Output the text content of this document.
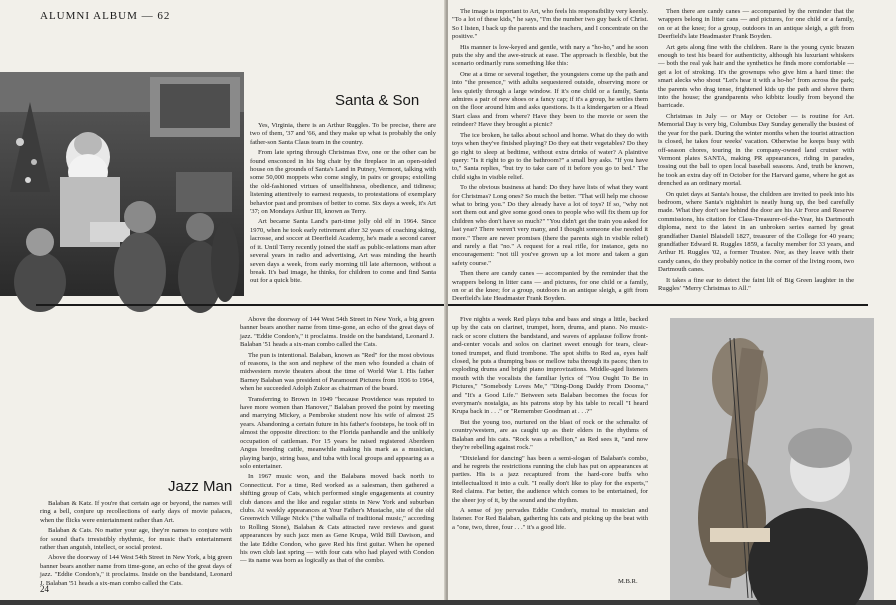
ALUMNI ALBUM — 62
Santa & Son

Yes, Virginia, there is an Arthur Ruggles. To be precise, there are two of them, '37 and '66, and they make up what is probably the only father-son Santa Claus team in the country.

From late spring through Christmas Eve, one or the other can be found ensconced in his big chair by the fireplace in an open-sided house on the grounds of Santa's Land in Putney, Vermont, talking with some 50,000 moppets who come singly, in pairs or groups; extolling the old-fashioned virtues of unselfishness, obedience, and tidiness; listening attentively to earnest requests, to protestations of exemplary behavior past and promises of better to come. Six days a week, it's Art '37; on Mondays Arthur III, known as Terry.

Art became Santa Land's part-time jolly old elf in 1964. Since 1970, when he took early retirement after 32 years of coaching skiing, lacrosse, and soccer at Deerfield Academy, he's made a second career of it. Until Terry recently joined the staff as public-relations man after several years in radio and advertising, Art was minding the hearth seven days a week, from early morning till late afternoon, without a break. It's bad image, he thinks, for children to come and find Santa out for a quick bite.

Jazz Man

Balaban & Katz. If you're that certain age or beyond, the names will ring a bell, conjure up recollections of early days of movie palaces, when the flicks were entertainment rather than Art.

Balaban & Cats. No matter your age, they're names to conjure with for sound that's irresistibly rhythmic, for music that's entertainment rather than anguish, intellect, or social protest.

Above the doorway of 144 West 54th Street in New York, a big green banner bears another name from time-gone, an echo of the great days of jazz. "Eddie Condon's," it proclaims. Inside on the bandstand, Leonard J. Balaban '51 heads a six-man combo called the Cats.

Above the doorway of 144 West 54th Street in New York, a big green banner bears another name from time-gone, an echo of the great days of jazz. "Eddie Condon's," it proclaims. Inside on the bandstand, Leonard J. Balaban '51 heads a six-man combo called the Cats.

The pun is intentional. Balaban, known as "Red" for the most obvious of reasons, is the son and nephew of the men who founded a chain of midwestern movie theaters about the time of World War I. His father Barney Balaban was president of Paramount Pictures from 1936 to 1964, when he succeeded Adolph Zukor as chairman of the board.

Transferring to Brown in 1949 "because Providence was reputed to have more women than Hanover," Balaban proved the point by meeting and marrying Mickey, a Pembroke student now his wife of almost 25 years. Abandoning a certain future in his father's footsteps, he took off in almost the opposite direction: to the Florida panhandle and the unlikely occupation of cattleman. For 15 years he raised registered Aberdeen Angus breeding cattle, meanwhile making his mark as a musician, playing banjo, string bass, and tuba with local groups and appearing as a solo entertainer.

In 1967 music won, and the Balabans moved back north to Connecticut. For a time, Red worked as a salesman, then gathered a shifting group of Cats, which performed single engagements at country club dances and the like and regular stints in New York and suburban clubs. At weekly appearances at Your Father's Mustache, site of the old Greenwich Village Nick's ("the valhalla of traditional music," according to Rolling Stone), Balaban & Cats attracted rave reviews and guest appearances by such jazz men as Gene Krupa, Wild Bill Davison, and the late Eddie Condon, who gave Red his first guitar. When he opened his own club last spring — with four cats who had played with Condon — its name was born as logically as that of the combo.

24

The image is important to Art, who feels his responsibility very keenly. "To a lot of these kids," he says, "I'm the number two guy back of Christ. So I listen, I back up the parents and the teachers, and I concentrate on the positive."

His manner is low-keyed and gentle, with nary a "ho-ho," and he soon puts the shy and the awe-struck at ease. The approach is flexible, but the scenario ordinarily runs something like this:

One at a time or several together, the youngsters come up the path and into "the presence," with adults sequestered outside, observing more or less quietly through a large window. If it's one child or a family, Santa admires a pair of new shoes or a fancy cap; if it's a group, he settles them on the floor around him and asks questions. Is it a kindergarten or a Head Start class and from where? Have they been to the movie or seen the reindeer? Have they brought a picnic?

The ice broken, he talks about school and home. What do they do with toys when they've finished playing? Do they eat their vegetables? Do they go right to sleep at bedtime, without extra drinks of water? A plaintive query: "Is it right to go to the bathroom?" a small boy asks. "If you have to," Santa replies, "but try to take care of it before you go to bed." The child sighs in visible relief.

To the obvious business at hand: Do they have lists of what they want for Christmas? Long ones? So much the better. "That will help me choose what to bring you." Do they already have a lot of toys? If so, "why not sort them out and give some good ones to people who will fix them up for children who don't have so much?" "You didn't get the train you asked for last year? There weren't very many, and I thought someone else needed it more." There are never promises (there the parents sigh in visible relief) and rarely a flat "no." A request for a real rifle, for instance, gets no encouragement: "not till you've grown up a lot more and taken a gun safety course."

Then there are candy canes — accompanied by the reminder that the wrappers belong in litter cans — and pictures, for one child or a family, on or at the knee; for a group, outdoors in an antique sleigh, a gift from Deerfield's late Headmaster Frank Boyden.

Then there are candy canes — accompanied by the reminder that the wrappers belong in litter cans — and pictures, for one child or a family, on or at the knee; for a group, outdoors in an antique sleigh, a gift from Deerfield's late Headmaster Frank Boyden.

Art gets along fine with the children. Rare is the young cynic brazen enough to test his beard for authenticity, although his luxuriant whiskers — both the real yak hair and the synthetics he finds more comfortable — get a lot of stroking. It's the grownups who give him a hard time: the smart alecks who shout "Let's hear it with a ho-ho" from across the park; the parents who drag tense, frightened kids up the path and shove them into the house; the grandparents who kibbitz loudly from beyond the barricade.

Christmas in July — or May or October — is routine for Art. Memorial Day is very big, Columbus Day Sunday generally the busiest of the year for the park. During the winter months when the tourist attraction is closed, he takes four weeks' vacation. Otherwise he keeps busy with off-season chores, touring in the company-owned land cruiser with Vermont plates SANTA, making PR appearances, riding in parades, tossing out the ball to open local baseball seasons. And, truth be known, he took an extra day off in October for the Harvard game, where he got as drenched as an ordinary mortal.

On quiet days at Santa's house, the children are invited to peek into his bedroom, where Santa's nightshirt is neatly hung up, the bed carefully made. What they don't see behind the door are his Air Force and Reserve commissions, his citation for Class-Treasurer-of-the-Year, his Dartmouth diploma, next to the latest in an unbroken series earned by great grandfather Daniel Blaisdell 1827, treasurer of the College for 40 years; grandfather Edward R. Ruggles 1859, a faculty member for 33 years, and Arthur H. Ruggles '02, a former Trustee. Nor, as they leave with their candy canes, do they probably notice in the corner of the living room, two Dartmouth canes.

It takes a fine ear to detect the faint lilt of Big Green laughter in the Ruggles' "Merry Christmas to All."

Five nights a week Red plays tuba and bass and sings a little, backed up by the cats on clarinet, trumpet, horn, drums, and piano. No music-rack or score clutters the bandstand, and waves of applause follow front-and-center vocals and solos on clarinet sweet enough for tears, clear-toned trumpet, and fluid trombone. The spot shifts to Red as, eyes half closed, he puts a thumping bass or mellow tuba through its paces; then to exploding drums and bright piano improvizations. Middle-aged listeners mouth with the vocalists the familiar lyrics of "You Ought To Be in Pictures," "Somebody Loves Me," "Ding-Dong Daddy From Dooma," and "It's a Good Life." Between sets Balaban becomes the focus for everyman's nostalgia, as his patrons stop by his table to recall "I heard Krupa back in . . ." or "Remember Goodman at . . .?"

But the young too, nurtured on the blast of rock or the schmaltz of country/western, are as caught up as their elders in the rhythms of Balaban and his cats. "Rock was a rebellion," as Red sees it, "and now they're rebelling against rock."

"Dixieland for dancing" has been a semi-slogan of Balaban's combo, and he regrets the restrictions running the club has put on appearances at parties. His is a jazz recaptured from the hard-core buffs who intellectualized it into a cult. "I really don't like to play for the experts," Red claims. Far better, the audience which comes to be entertained, for the sheer joy of it, by the sound and the rhythm.

A sense of joy pervades Eddie Condon's, mutual to musician and listener. For Red Balaban, gathering his cats and picking up the beat with a "one, two, three, four . . ." it's a good life.

M.B.R.
